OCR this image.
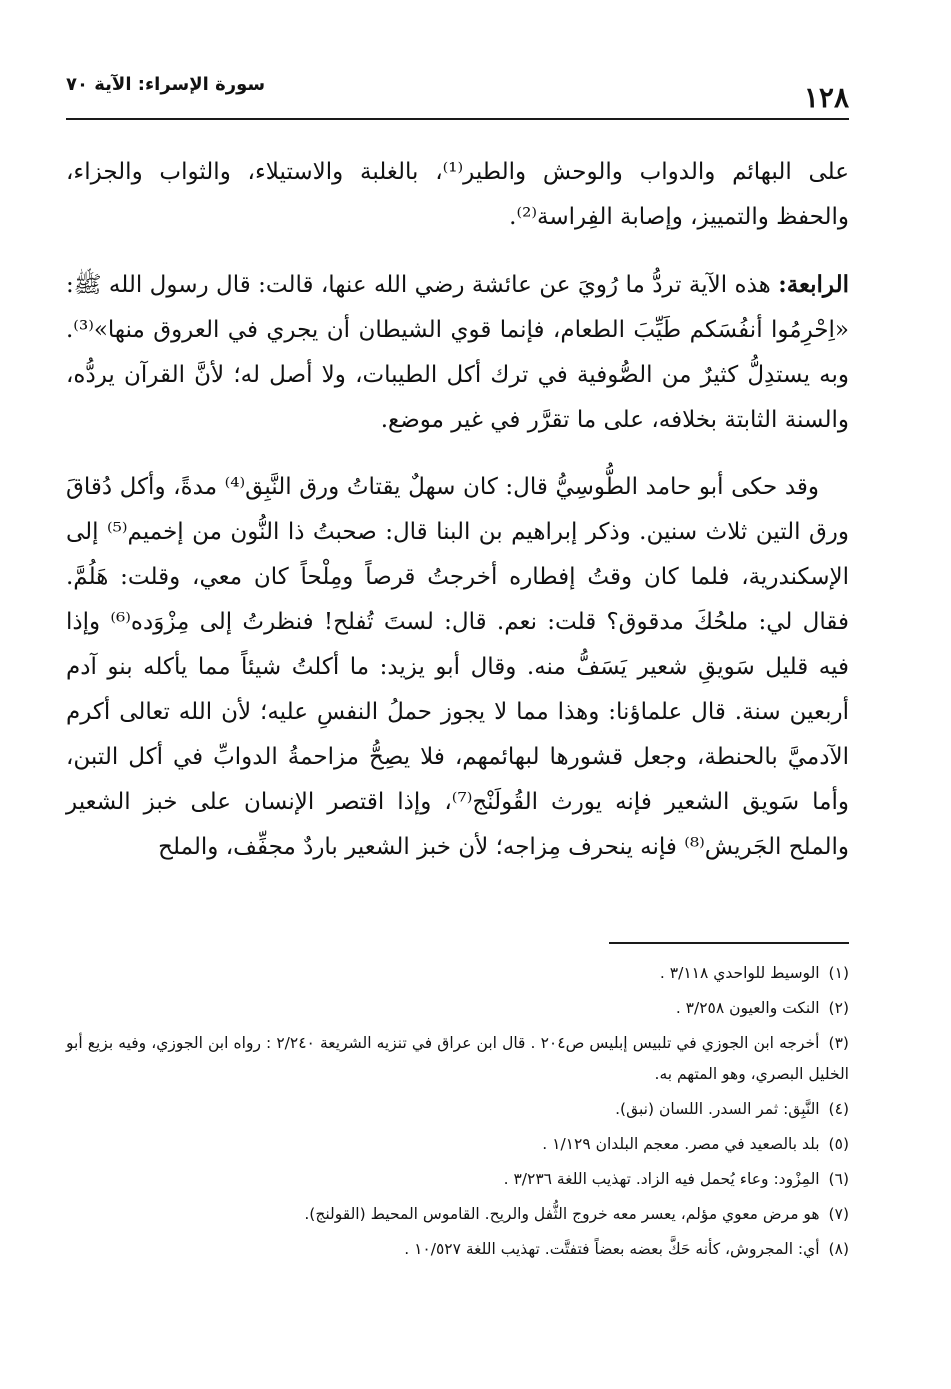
١٢٨
سورة الإسراء: الآية ٧٠

على البهائم والدواب والوحش والطير⁽¹⁾، بالغلبة والاستيلاء، والثواب والجزاء، والحفظ والتمييز، وإصابة الفِراسة⁽²⁾.

الرابعة: هذه الآية تردُّ ما رُويَ عن عائشة رضي الله عنها، قالت: قال رسول الله ﷺ: «اِحْرِمُوا أنفُسَكم طَيِّبَ الطعام، فإنما قوي الشيطان أن يجري في العروق منها»⁽³⁾. وبه يستدِلُّ كثيرٌ من الصُّوفية في ترك أكل الطيبات، ولا أصل له؛ لأنَّ القرآن يردُّه، والسنة الثابتة بخلافه، على ما تقرَّر في غير موضع.

وقد حكى أبو حامد الطُّوسِيُّ قال: كان سهلٌ يقتاتُ ورق النَّبِق⁽⁴⁾ مدةً، وأكل دُقاقَ ورق التين ثلاث سنين. وذكر إبراهيم بن البنا قال: صحبتُ ذا النُّون من إخميم⁽⁵⁾ إلى الإسكندرية، فلما كان وقتُ إفطاره أخرجتُ قرصاً ومِلْحاً كان معي، وقلت: هَلُمَّ. فقال لي: ملحُكَ مدقوق؟ قلت: نعم. قال: لستَ تُفلح! فنظرتُ إلى مِزْوَده⁽⁶⁾ وإذا فيه قليل سَويقِ شعير يَسَفُّ منه. وقال أبو يزيد: ما أكلتُ شيئاً مما يأكله بنو آدم أربعين سنة. قال علماؤنا: وهذا مما لا يجوز حملُ النفسِ عليه؛ لأن الله تعالى أكرم الآدميَّ بالحنطة، وجعل قشورها لبهائمهم، فلا يصِحُّ مزاحمةُ الدوابِّ في أكل التبن، وأما سَويق الشعير فإنه يورث القُولَنْج⁽⁷⁾، وإذا اقتصر الإنسان على خبز الشعير والملح الجَريش⁽⁸⁾ فإنه ينحرف مِزاجه؛ لأن خبز الشعير باردٌ مجفِّف، والملح

(١) الوسيط للواحدي ٣/١١٨ .

(٢) النكت والعيون ٣/٢٥٨ .

(٣) أخرجه ابن الجوزي في تلبيس إبليس ص٢٠٤ . قال ابن عراق في تنزيه الشريعة ٢/٢٤٠ : رواه ابن الجوزي، وفيه بزيع أبو الخليل البصري، وهو المتهم به.

(٤) النَّبِق: ثمر السدر. اللسان (نبق).

(٥) بلد بالصعيد في مصر. معجم البلدان ١/١٢٩ .

(٦) المِزْود: وعاء يُحمل فيه الزاد. تهذيب اللغة ٣/٢٣٦ .

(٧) هو مرض معوي مؤلم، يعسر معه خروج الثُّفل والريح. القاموس المحيط (القولنج).

(٨) أي: المجروش، كأنه حَكَّ بعضه بعضاً فتفتَّت. تهذيب اللغة ١٠/٥٢٧ .
